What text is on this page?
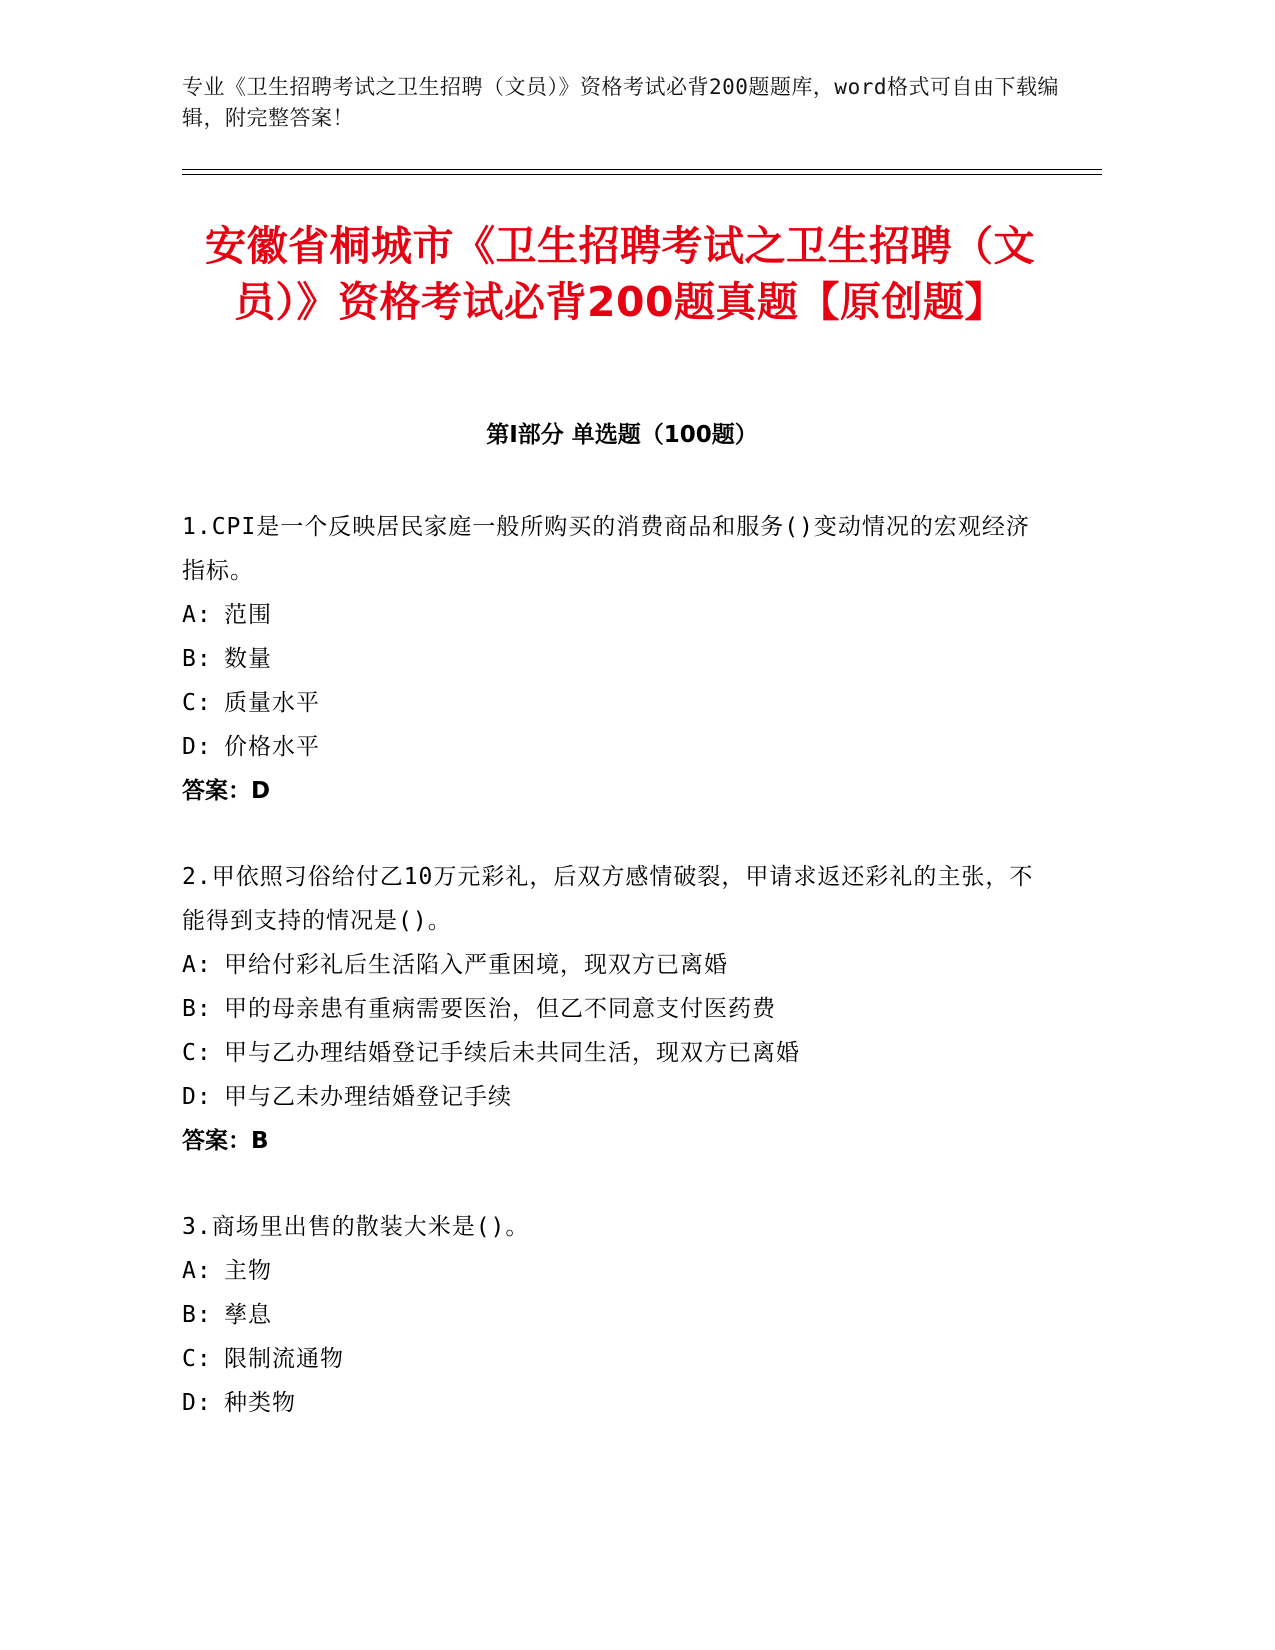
专业《卫生招聘考试之卫生招聘（文员）》资格考试必背200题题库，word格式可自由下载编辑，附完整答案！
安徽省桐城市《卫生招聘考试之卫生招聘（文员）》资格考试必背200题真题【原创题】
第Ⅰ部分 单选题（100题）
1.CPI是一个反映居民家庭一般所购买的消费商品和服务()变动情况的宏观经济指标。
A: 范围
B: 数量
C: 质量水平
D: 价格水平
答案：D
2.甲依照习俗给付乙10万元彩礼，后双方感情破裂，甲请求返还彩礼的主张，不能得到支持的情况是()。
A: 甲给付彩礼后生活陷入严重困境，现双方已离婚
B: 甲的母亲患有重病需要医治，但乙不同意支付医药费
C: 甲与乙办理结婚登记手续后未共同生活，现双方已离婚
D: 甲与乙未办理结婚登记手续
答案：B
3.商场里出售的散装大米是()。
A: 主物
B: 孳息
C: 限制流通物
D: 种类物
